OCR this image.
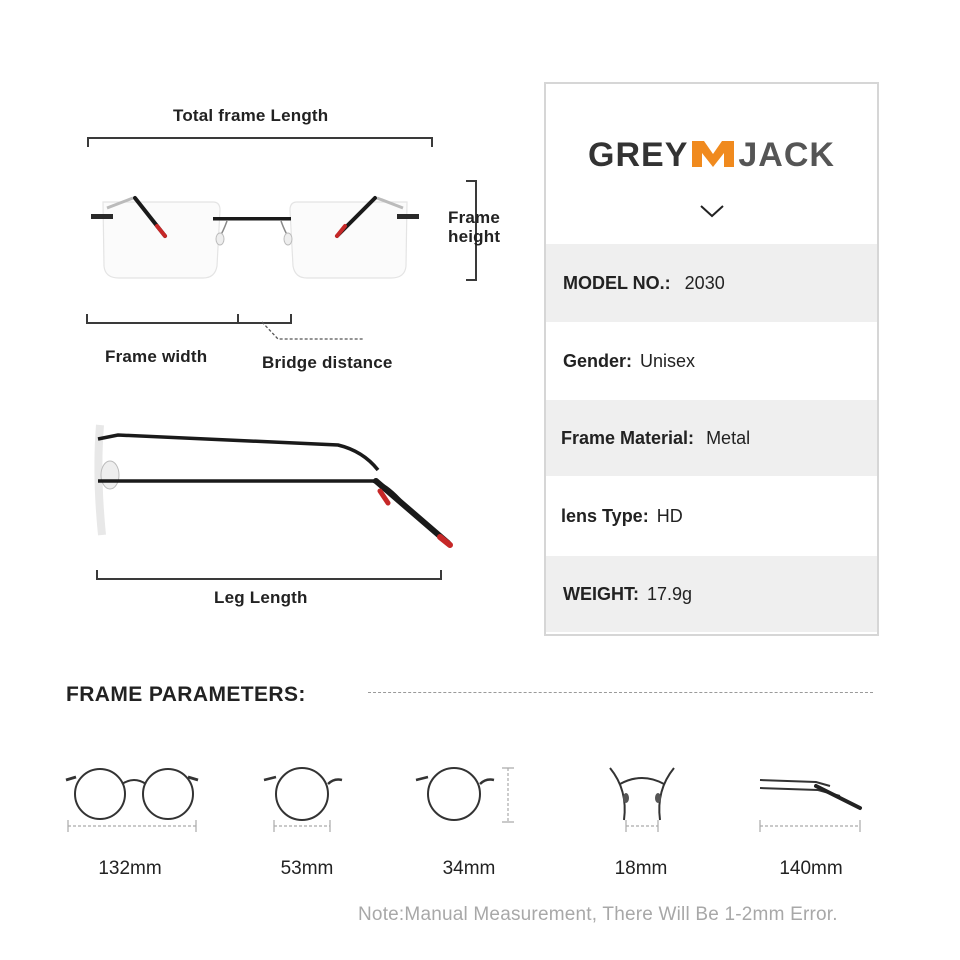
Total frame Length
Frame
height
Frame width	Bridge distance
Leg Length
GREY JACK
MODEL NO.: 2030
Gender: Unisex
Frame Material: Metal
lens Type: HD
WEIGHT: 17.9g
FRAME PARAMETERS:
132mm	53mm	34mm	18mm	140mm
Note:Manual Measurement, There Will Be 1-2mm Error.
